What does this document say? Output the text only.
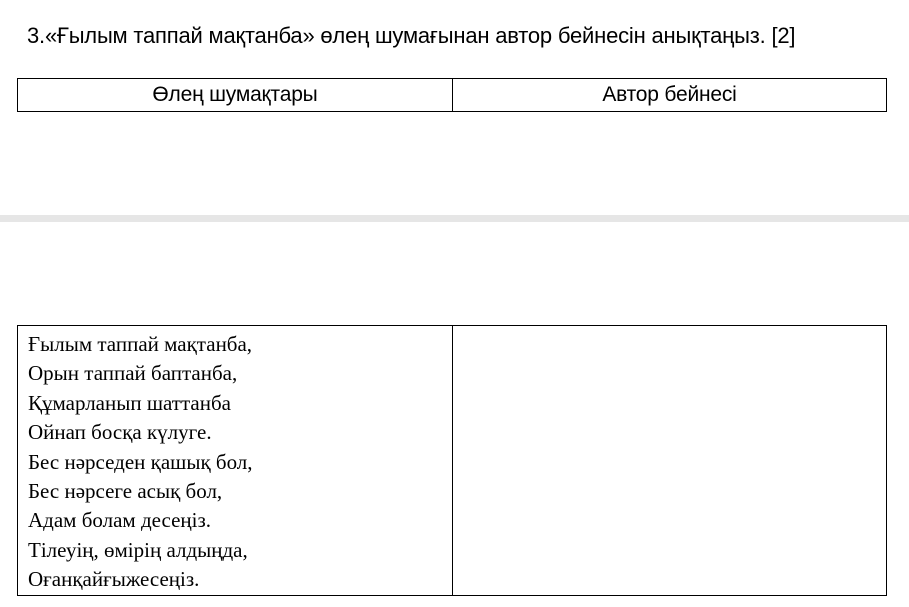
3.«Ғылым таппай мақтанба» өлең шумағынан автор бейнесін анықтаңыз. [2]
Өлең шумақтары	Автор бейнесі
Ғылым таппай мақтанба,
Орын таппай баптанба,
Құмарланып шаттанба
Ойнап босқа күлуге.
Бес нәрседен қашық бол,
Бес нәрсеге асық бол,
Адам болам десеңіз.
Тілеуің, өмірің алдыңда,
Оғанқайғыжесеңіз.
